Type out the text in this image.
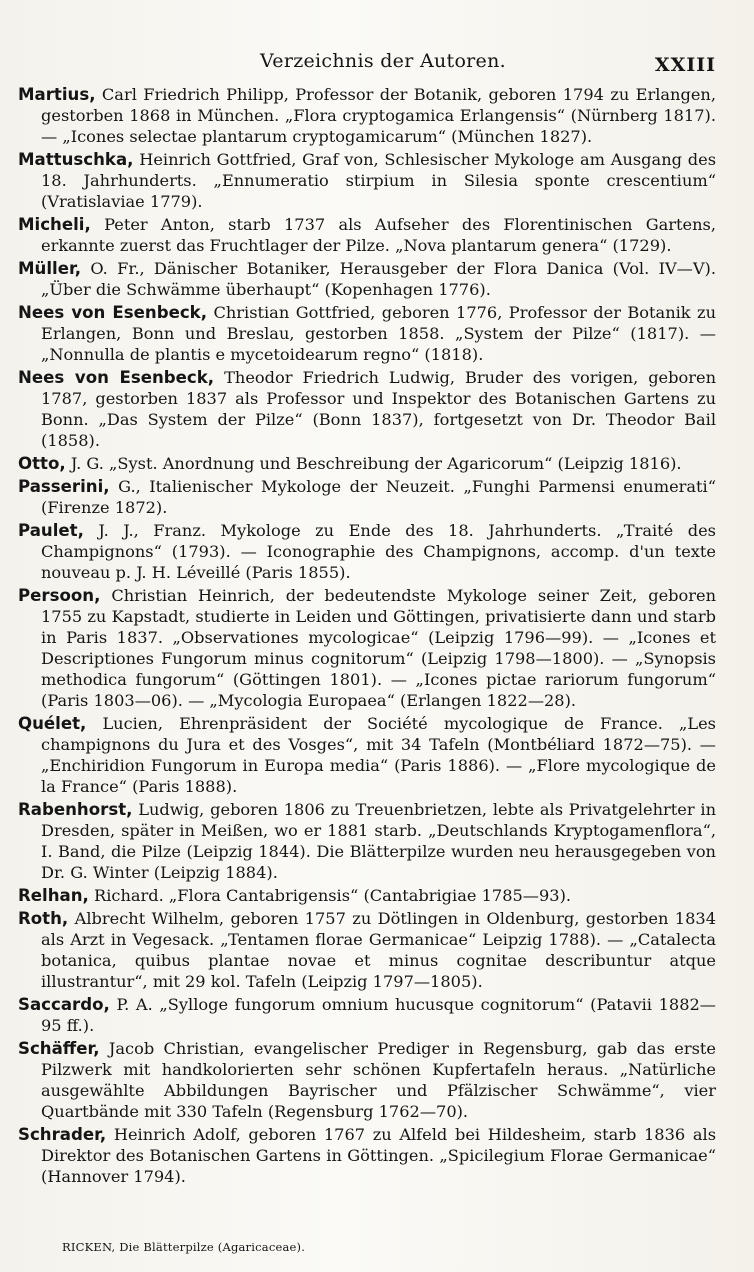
Verzeichnis der Autoren.	XXIII

Martius, Carl Friedrich Philipp, Professor der Botanik, geboren 1794 zu Erlangen, gestorben 1868 in München. „Flora cryptogamica Erlangensis“ (Nürnberg 1817). — „Icones selectae plantarum cryptogamicarum“ (München 1827).

Mattuschka, Heinrich Gottfried, Graf von, Schlesischer Mykologe am Ausgang des 18. Jahrhunderts. „Ennumeratio stirpium in Silesia sponte crescentium“ (Vratislaviae 1779).

Micheli, Peter Anton, starb 1737 als Aufseher des Florentinischen Gartens, erkannte zuerst das Fruchtlager der Pilze. „Nova plantarum genera“ (1729).

Müller, O. Fr., Dänischer Botaniker, Herausgeber der Flora Danica (Vol. IV—V). „Über die Schwämme überhaupt“ (Kopenhagen 1776).

Nees von Esenbeck, Christian Gottfried, geboren 1776, Professor der Botanik zu Erlangen, Bonn und Breslau, gestorben 1858. „System der Pilze“ (1817). — „Nonnulla de plantis e mycetoidearum regno“ (1818).

Nees von Esenbeck, Theodor Friedrich Ludwig, Bruder des vorigen, geboren 1787, gestorben 1837 als Professor und Inspektor des Botanischen Gartens zu Bonn. „Das System der Pilze“ (Bonn 1837), fortgesetzt von Dr. Theodor Bail (1858).

Otto, J. G. „Syst. Anordnung und Beschreibung der Agaricorum“ (Leipzig 1816).

Passerini, G., Italienischer Mykologe der Neuzeit. „Funghi Parmensi enumerati“ (Firenze 1872).

Paulet, J. J., Franz. Mykologe zu Ende des 18. Jahrhunderts. „Traité des Champignons“ (1793). — Iconographie des Champignons, accomp. d'un texte nouveau p. J. H. Léveillé (Paris 1855).

Persoon, Christian Heinrich, der bedeutendste Mykologe seiner Zeit, geboren 1755 zu Kapstadt, studierte in Leiden und Göttingen, privatisierte dann und starb in Paris 1837. „Observationes mycologicae“ (Leipzig 1796—99). — „Icones et Descriptiones Fungorum minus cognitorum“ (Leipzig 1798—1800). — „Synopsis methodica fungorum“ (Göttingen 1801). — „Icones pictae rariorum fungorum“ (Paris 1803—06). — „Mycologia Europaea“ (Erlangen 1822—28).

Quélet, Lucien, Ehrenpräsident der Société mycologique de France. „Les champignons du Jura et des Vosges“, mit 34 Tafeln (Montbéliard 1872—75). — „Enchiridion Fungorum in Europa media“ (Paris 1886). — „Flore mycologique de la France“ (Paris 1888).

Rabenhorst, Ludwig, geboren 1806 zu Treuenbrietzen, lebte als Privatgelehrter in Dresden, später in Meißen, wo er 1881 starb. „Deutschlands Kryptogamenflora“, I. Band, die Pilze (Leipzig 1844). Die Blätterpilze wurden neu herausgegeben von Dr. G. Winter (Leipzig 1884).

Relhan, Richard. „Flora Cantabrigensis“ (Cantabrigiae 1785—93).

Roth, Albrecht Wilhelm, geboren 1757 zu Dötlingen in Oldenburg, gestorben 1834 als Arzt in Vegesack. „Tentamen florae Germanicae“ Leipzig 1788). — „Catalecta botanica, quibus plantae novae et minus cognitae describuntur atque illustrantur“, mit 29 kol. Tafeln (Leipzig 1797—1805).

Saccardo, P. A. „Sylloge fungorum omnium hucusque cognitorum“ (Patavii 1882—95 ff.).

Schäffer, Jacob Christian, evangelischer Prediger in Regensburg, gab das erste Pilzwerk mit handkolorierten sehr schönen Kupfertafeln heraus. „Natürliche ausgewählte Abbildungen Bayrischer und Pfälzischer Schwämme“, vier Quartbände mit 330 Tafeln (Regensburg 1762—70).

Schrader, Heinrich Adolf, geboren 1767 zu Alfeld bei Hildesheim, starb 1836 als Direktor des Botanischen Gartens in Göttingen. „Spicilegium Florae Germanicae“ (Hannover 1794).

RICKEN, Die Blätterpilze (Agaricaceae).
